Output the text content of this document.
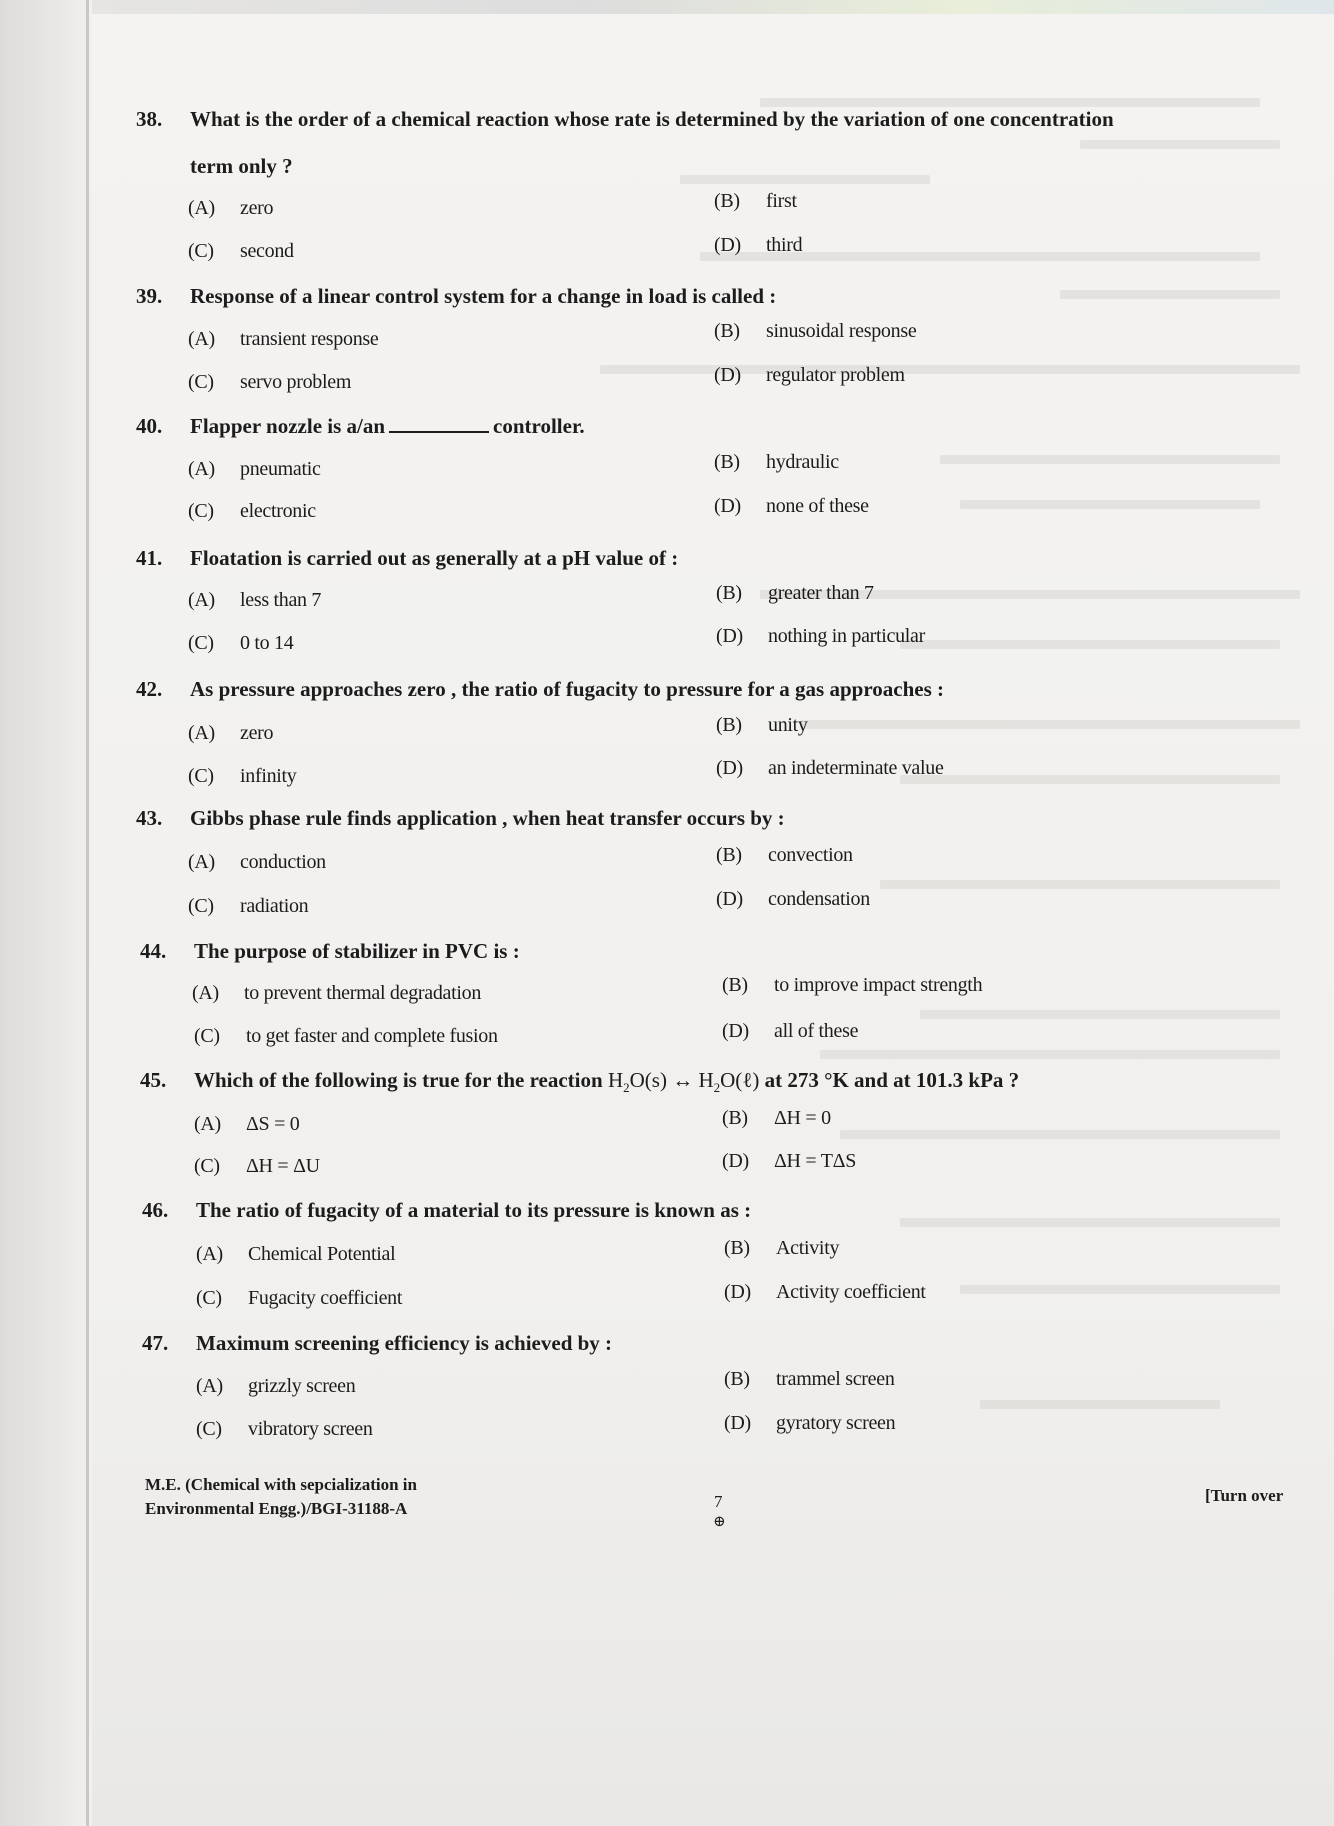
38. What is the order of a chemical reaction whose rate is determined by the variation of one concentration
term only ?
(A) zero	(B) first
(C) second	(D) third
39. Response of a linear control system for a change in load is called :
(A) transient response	(B) sinusoidal response
(C) servo problem	(D) regulator problem
40. Flapper nozzle is a/an	controller.
(A) pneumatic	(B) hydraulic
(C) electronic	(D) none of these
41. Floatation is carried out as generally at a pH value of :
(A) less than 7	(B) greater than 7
(C) 0 to 14	(D) nothing in particular
42. As pressure approaches zero , the ratio of fugacity to pressure for a gas approaches :
(A) zero	(B) unity
(C) infinity	(D) an indeterminate value
43. Gibbs phase rule finds application , when heat transfer occurs by :
(A) conduction	(B) convection
(C) radiation	(D) condensation
44. The purpose of stabilizer in PVC is :
(A) to prevent thermal degradation	(B) to improve impact strength
(C) to get faster and complete fusion	(D) all of these
45. Which of the following is true for the reaction $H_2O(s)$ ↔ $H_2O(\ell)$ at 273 °K and at 101.3 kPa ?
(A) ΔS = 0	(B) ΔH = 0
(C) ΔH = ΔU	(D) ΔH = TΔS
46. The ratio of fugacity of a material to its pressure is known as :
(A) Chemical Potential	(B) Activity
(C) Fugacity coefficient	(D) Activity coefficient
47. Maximum screening efficiency is achieved by :
(A) grizzly screen	(B) trammel screen
(C) vibratory screen	(D) gyratory screen
M.E. (Chemical with sepcialization in
Environmental Engg.)/BGI-31188-A	7
⊕
[Turn over
